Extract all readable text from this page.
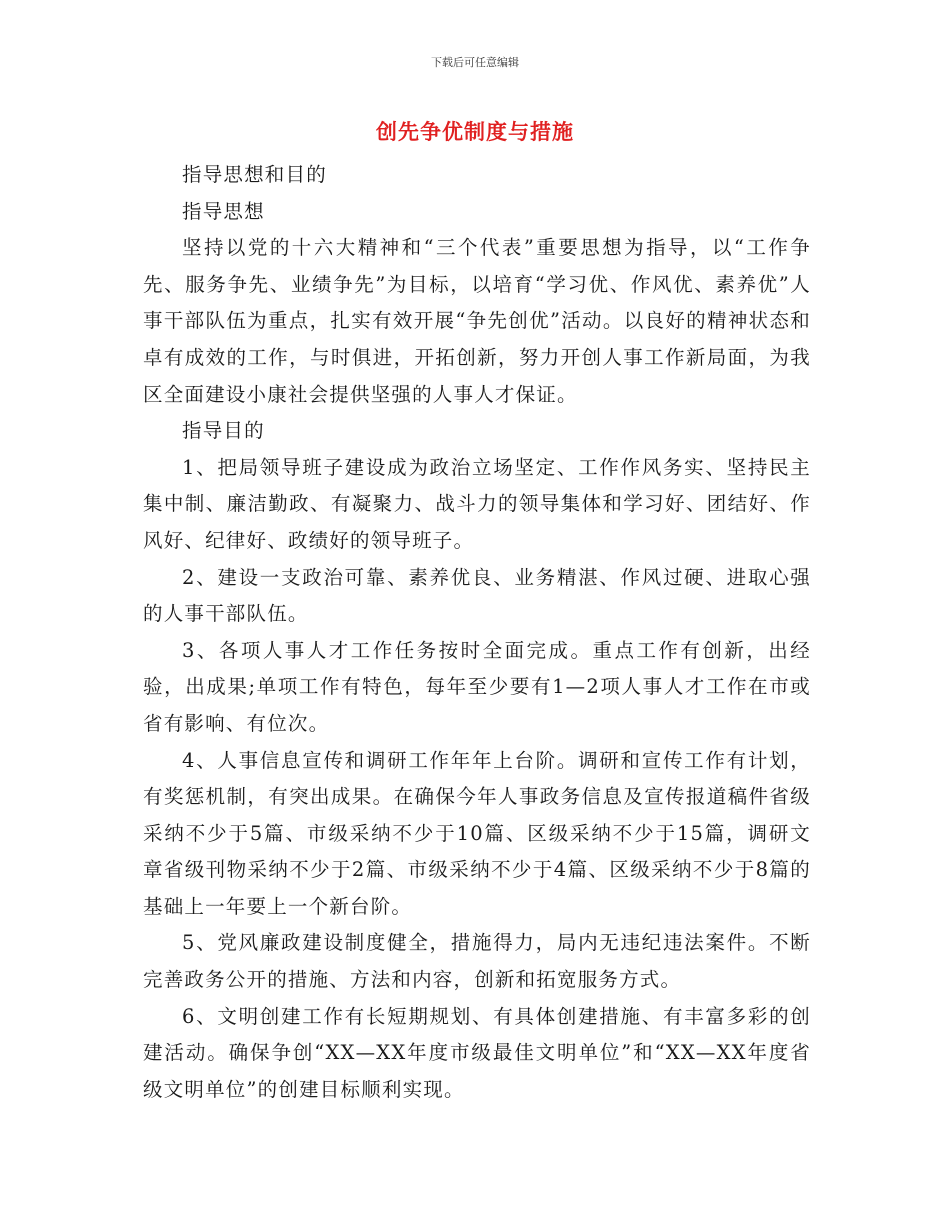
下载后可任意编辑
创先争优制度与措施

指导思想和目的

指导思想

坚持以党的十六大精神和“三个代表”重要思想为指导，以“工作争先、服务争先、业绩争先”为目标，以培育“学习优、作风优、素养优”人事干部队伍为重点，扎实有效开展“争先创优”活动。以良好的精神状态和卓有成效的工作，与时俱进，开拓创新，努力开创人事工作新局面，为我区全面建设小康社会提供坚强的人事人才保证。

指导目的

1、把局领导班子建设成为政治立场坚定、工作作风务实、坚持民主集中制、廉洁勤政、有凝聚力、战斗力的领导集体和学习好、团结好、作风好、纪律好、政绩好的领导班子。

2、建设一支政治可靠、素养优良、业务精湛、作风过硬、进取心强的人事干部队伍。

3、各项人事人才工作任务按时全面完成。重点工作有创新，出经验，出成果;单项工作有特色，每年至少要有1—2项人事人才工作在市或省有影响、有位次。

4、人事信息宣传和调研工作年年上台阶。调研和宣传工作有计划，有奖惩机制，有突出成果。在确保今年人事政务信息及宣传报道稿件省级采纳不少于5篇、市级采纳不少于10篇、区级采纳不少于15篇，调研文章省级刊物采纳不少于2篇、市级采纳不少于4篇、区级采纳不少于8篇的基础上一年要上一个新台阶。

5、党风廉政建设制度健全，措施得力，局内无违纪违法案件。不断完善政务公开的措施、方法和内容，创新和拓宽服务方式。

6、文明创建工作有长短期规划、有具体创建措施、有丰富多彩的创建活动。确保争创“XX—XX年度市级最佳文明单位”和“XX—XX年度省级文明单位”的创建目标顺利实现。
